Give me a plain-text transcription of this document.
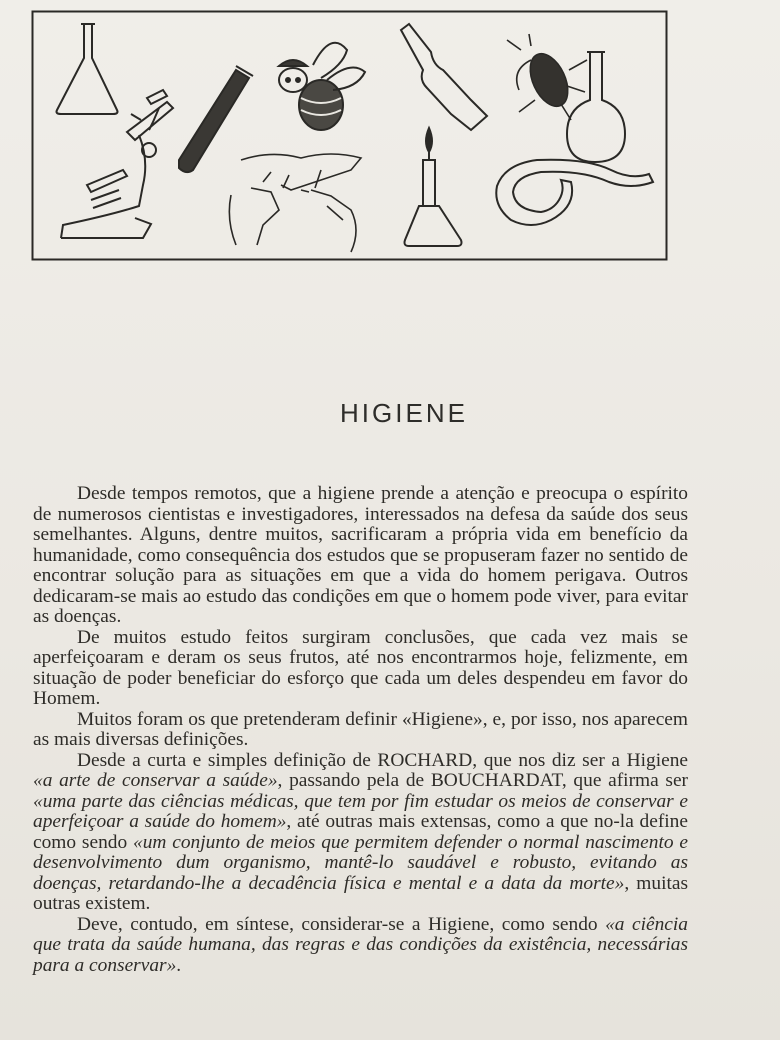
HIGIENE

Desde tempos remotos, que a higiene prende a atenção e preocupa o espírito de numerosos cientistas e investigadores, interessados na defesa da saúde dos seus semelhantes. Alguns, dentre muitos, sacrificaram a própria vida em benefício da humanidade, como consequência dos estudos que se propuseram fazer no sentido de encontrar solução para as situações em que a vida do homem perigava. Outros dedicaram-se mais ao estudo das condições em que o homem pode viver, para evitar as doenças.

De muitos estudo feitos surgiram conclusões, que cada vez mais se aperfeiçoaram e deram os seus frutos, até nos encontrarmos hoje, felizmente, em situação de poder beneficiar do esforço que cada um deles despendeu em favor do Homem.

Muitos foram os que pretenderam definir «Higiene», e, por isso, nos aparecem as mais diversas definições.

Desde a curta e simples definição de ROCHARD, que nos diz ser a Higiene «a arte de conservar a saúde», passando pela de BOUCHARDAT, que afirma ser «uma parte das ciências médicas, que tem por fim estudar os meios de conservar e aperfeiçoar a saúde do homem», até outras mais extensas, como a que no-la define como sendo «um conjunto de meios que permitem defender o normal nascimento e desenvolvimento dum organismo, mantê-lo saudável e robusto, evitando as doenças, retardando-lhe a decadência física e mental e a data da morte», muitas outras existem.

Deve, contudo, em síntese, considerar-se a Higiene, como sendo «a ciência que trata da saúde humana, das regras e das condições da existência, necessárias para a conservar».
